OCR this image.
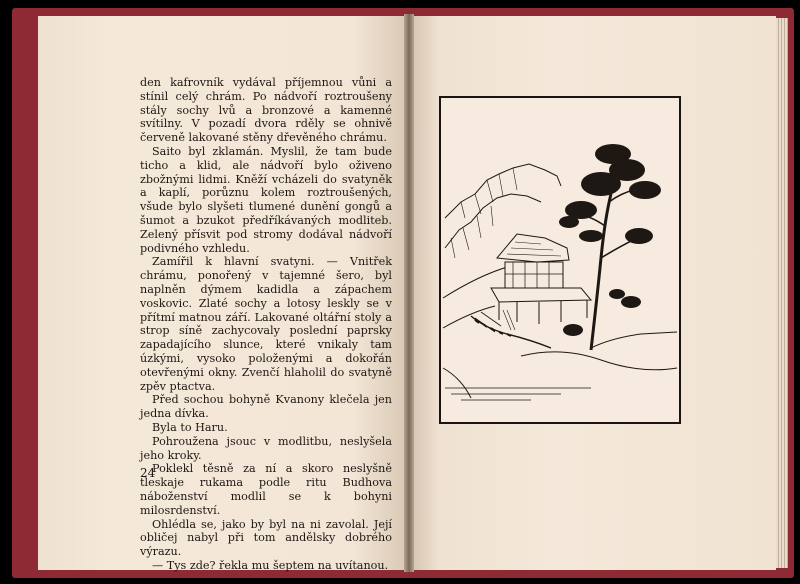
den kafrovník vydával příjemnou vůni a stínil celý chrám. Po nádvoří roztroušeny stály sochy lvů a bronzové a kamenné svítilny. V pozadí dvora rděly se ohnivě červeně lakované stěny dřevěného chrámu.

Saito byl zklamán. Myslil, že tam bude ticho a klid, ale nádvoří bylo oživeno zbožnými lidmi. Kněží vcházeli do svatyněk a kaplí, porůznu kolem roztroušených, všude bylo slyšeti tlumené dunění gongů a šumot a bzukot předříkávaných modliteb. Zelený přísvit pod stromy dodával nádvoří podivného vzhledu.

Zamířil k hlavní svatyni. — Vnitřek chrámu, ponořený v tajemné šero, byl naplněn dýmem kadidla a zápachem voskovic. Zlaté sochy a lotosy leskly se v přítmí matnou září. Lakované oltářní stoly a strop síně zachycovaly poslední paprsky zapadajícího slunce, které vnikaly tam úzkými, vysoko položenými a dokořán otevřenými okny. Zvenčí hlaholil do svatyně zpěv ptactva.

Před sochou bohyně Kvanony klečela jen jedna dívka.

Byla to Haru.

Pohroužena jsouc v modlitbu, neslyšela jeho kroky.

Poklekl těsně za ní a skoro neslyšně tleskaje rukama podle ritu Budhova náboženství modlil se k bohyni milosrdenství.

Ohlédla se, jako by byl na ni zavolal. Její obličej nabyl při tom andělsky dobrého výrazu.

— Tys zde? řekla mu šeptem na uvítanou.

24
